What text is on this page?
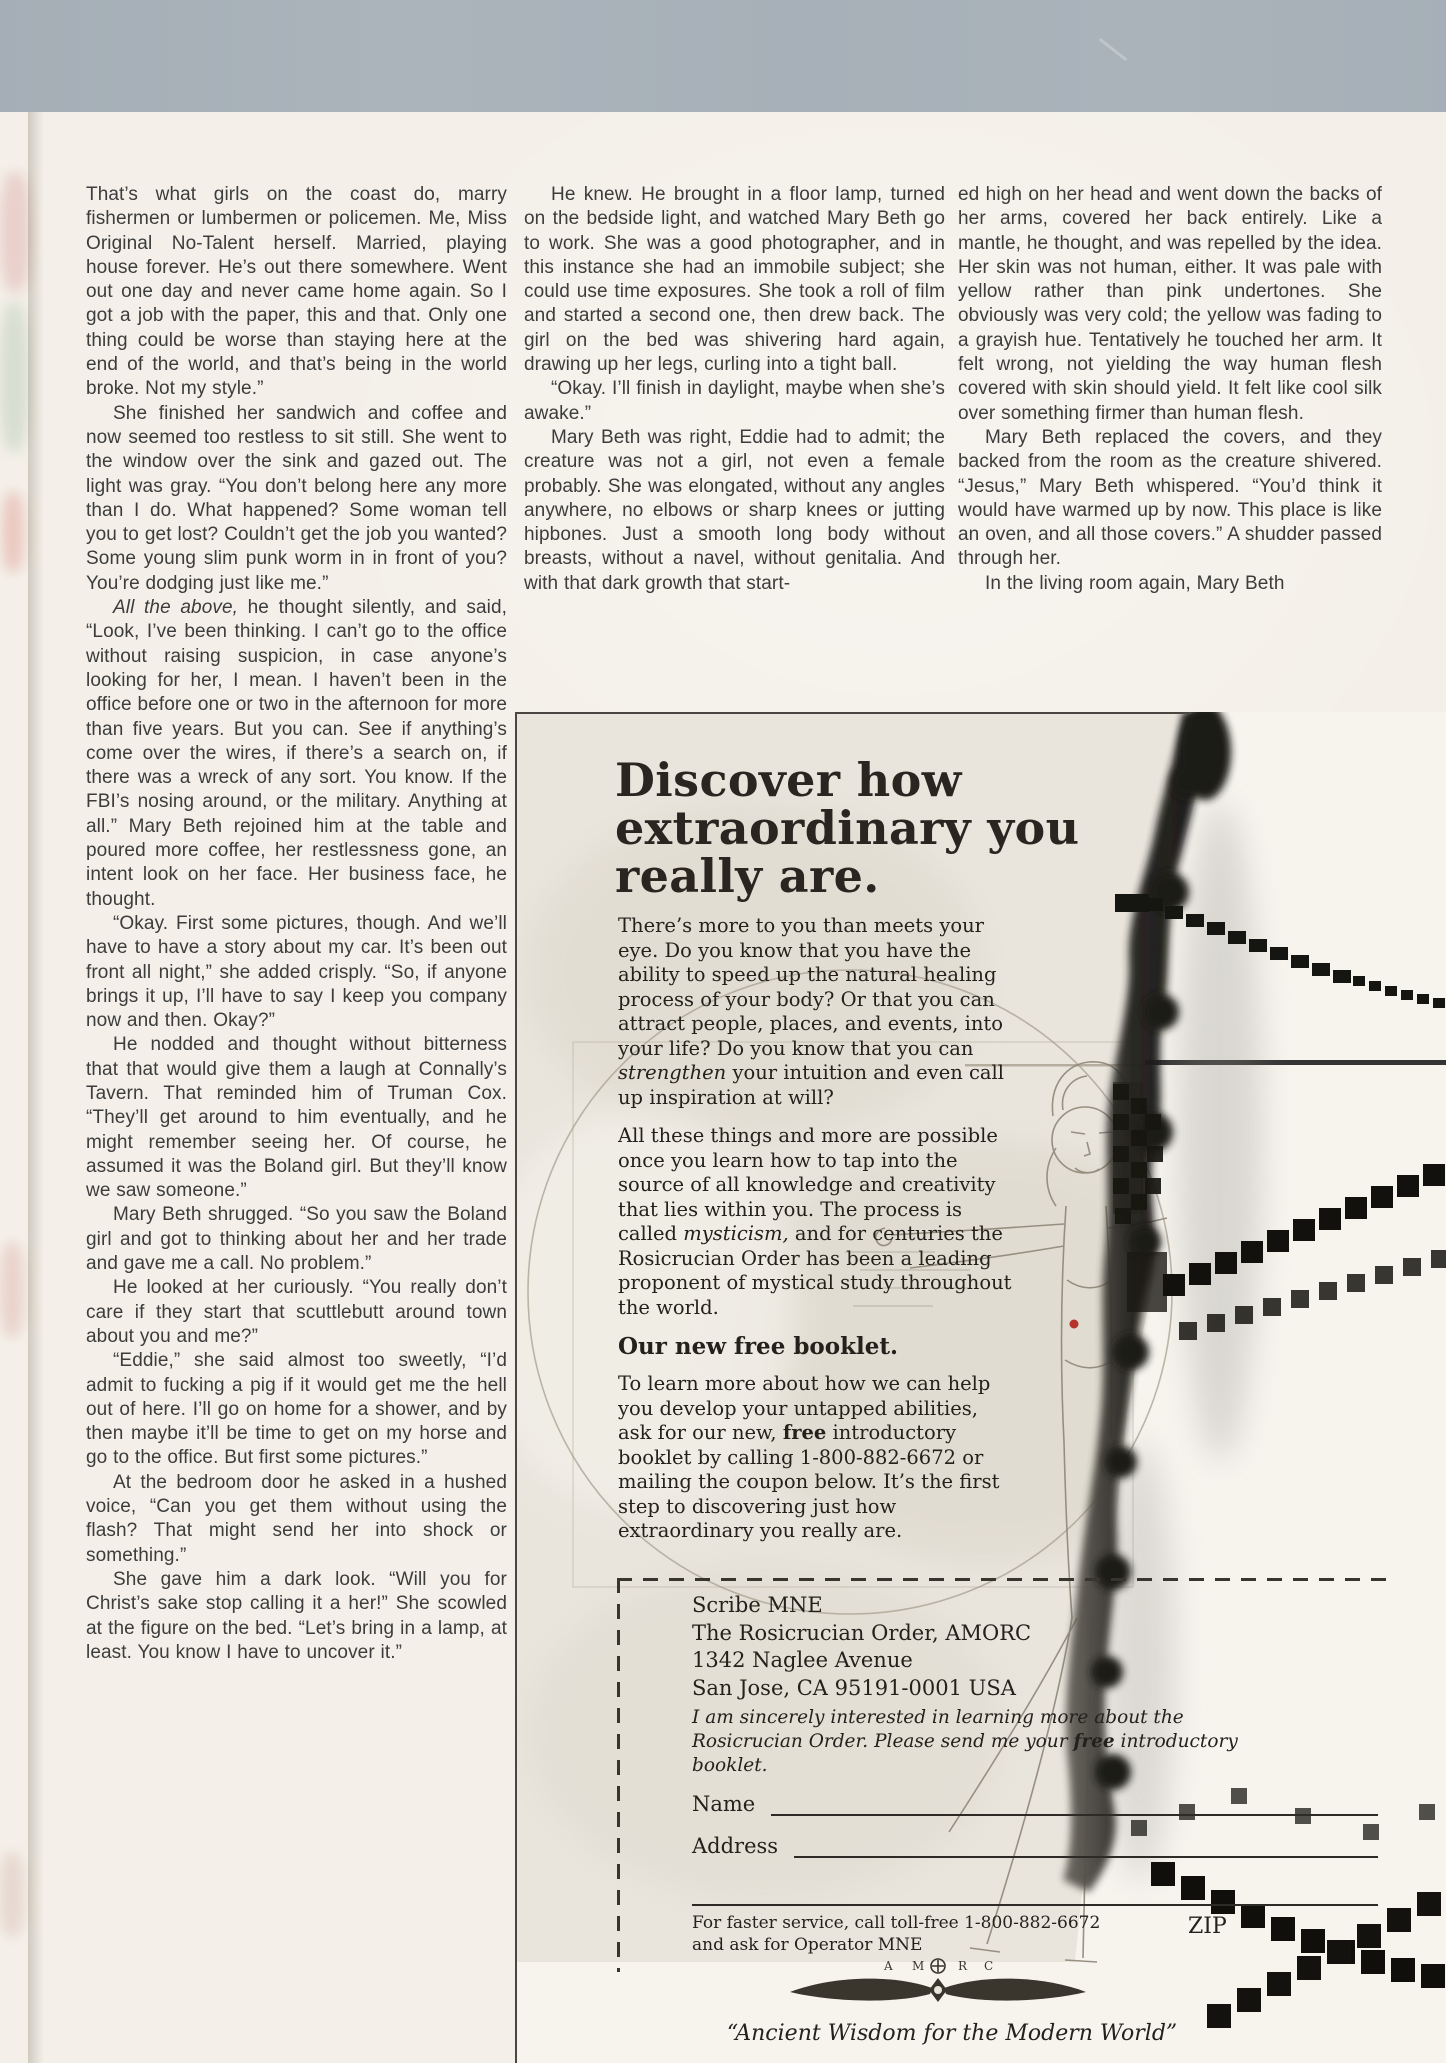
That’s what girls on the coast do, marry fishermen or lumbermen or policemen. Me, Miss Original No-Talent herself. Married, playing house forever. He’s out there somewhere. Went out one day and never came home again. So I got a job with the paper, this and that. Only one thing could be worse than staying here at the end of the world, and that’s being in the world broke. Not my style.”

She finished her sandwich and coffee and now seemed too restless to sit still. She went to the window over the sink and gazed out. The light was gray. “You don’t belong here any more than I do. What happened? Some woman tell you to get lost? Couldn’t get the job you wanted? Some young slim punk worm in in front of you? You’re dodging just like me.”

All the above, he thought silently, and said, “Look, I’ve been thinking. I can’t go to the office without raising suspicion, in case anyone’s looking for her, I mean. I haven’t been in the office before one or two in the afternoon for more than five years. But you can. See if anything’s come over the wires, if there’s a search on, if there was a wreck of any sort. You know. If the FBI’s nosing around, or the military. Anything at all.” Mary Beth rejoined him at the table and poured more coffee, her restlessness gone, an intent look on her face. Her business face, he thought.

“Okay. First some pictures, though. And we’ll have to have a story about my car. It’s been out front all night,” she added crisply. “So, if anyone brings it up, I’ll have to say I keep you company now and then. Okay?”

He nodded and thought without bitterness that that would give them a laugh at Connally’s Tavern. That reminded him of Truman Cox. “They’ll get around to him eventually, and he might remember seeing her. Of course, he assumed it was the Boland girl. But they’ll know we saw someone.”

Mary Beth shrugged. “So you saw the Boland girl and got to thinking about her and her trade and gave me a call. No problem.”

He looked at her curiously. “You really don’t care if they start that scuttlebutt around town about you and me?”

“Eddie,” she said almost too sweetly, “I’d admit to fucking a pig if it would get me the hell out of here. I’ll go on home for a shower, and by then maybe it’ll be time to get on my horse and go to the office. But first some pictures.”

At the bedroom door he asked in a hushed voice, “Can you get them without using the flash? That might send her into shock or something.”

She gave him a dark look. “Will you for Christ’s sake stop calling it a her!” She scowled at the figure on the bed. “Let’s bring in a lamp, at least. You know I have to uncover it.”

He knew. He brought in a floor lamp, turned on the bedside light, and watched Mary Beth go to work. She was a good photographer, and in this instance she had an immobile subject; she could use time exposures. She took a roll of film and started a second one, then drew back. The girl on the bed was shivering hard again, drawing up her legs, curling into a tight ball.

“Okay. I’ll finish in daylight, maybe when she’s awake.”

Mary Beth was right, Eddie had to admit; the creature was not a girl, not even a female probably. She was elongated, without any angles anywhere, no elbows or sharp knees or jutting hipbones. Just a smooth long body without breasts, without a navel, without genitalia. And with that dark growth that start-

ed high on her head and went down the backs of her arms, covered her back entirely. Like a mantle, he thought, and was repelled by the idea. Her skin was not human, either. It was pale with yellow rather than pink undertones. She obviously was very cold; the yellow was fading to a grayish hue. Tentatively he touched her arm. It felt wrong, not yielding the way human flesh covered with skin should yield. It felt like cool silk over something firmer than human flesh.

Mary Beth replaced the covers, and they backed from the room as the creature shivered. “Jesus,” Mary Beth whispered. “You’d think it would have warmed up by now. This place is like an oven, and all those covers.” A shudder passed through her.

In the living room again, Mary Beth

Discover how extraordinary you really are.

There’s more to you than meets your eye. Do you know that you have the ability to speed up the natural healing process of your body? Or that you can attract people, places, and events, into your life? Do you know that you can strengthen your intuition and even call up inspiration at will?

All these things and more are possible once you learn how to tap into the source of all knowledge and creativity that lies within you. The process is called mysticism, and for centuries the Rosicrucian Order has been a leading proponent of mystical study throughout the world.

Our new free booklet.

To learn more about how we can help you develop your untapped abilities, ask for our new, free introductory booklet by calling 1-800-882-6672 or mailing the coupon below. It’s the first step to discovering just how extraordinary you really are.

Scribe MNE

The Rosicrucian Order, AMORC

1342 Naglee Avenue

San Jose, CA 95191-0001 USA

I am sincerely interested in learning more about the Rosicrucian Order. Please send me your free introductory booklet.

Name
Address
For faster service, call toll-free 1-800-882-6672
and ask for Operator MNE
ZIP
A M	R C
“Ancient Wisdom for the Modern World”
